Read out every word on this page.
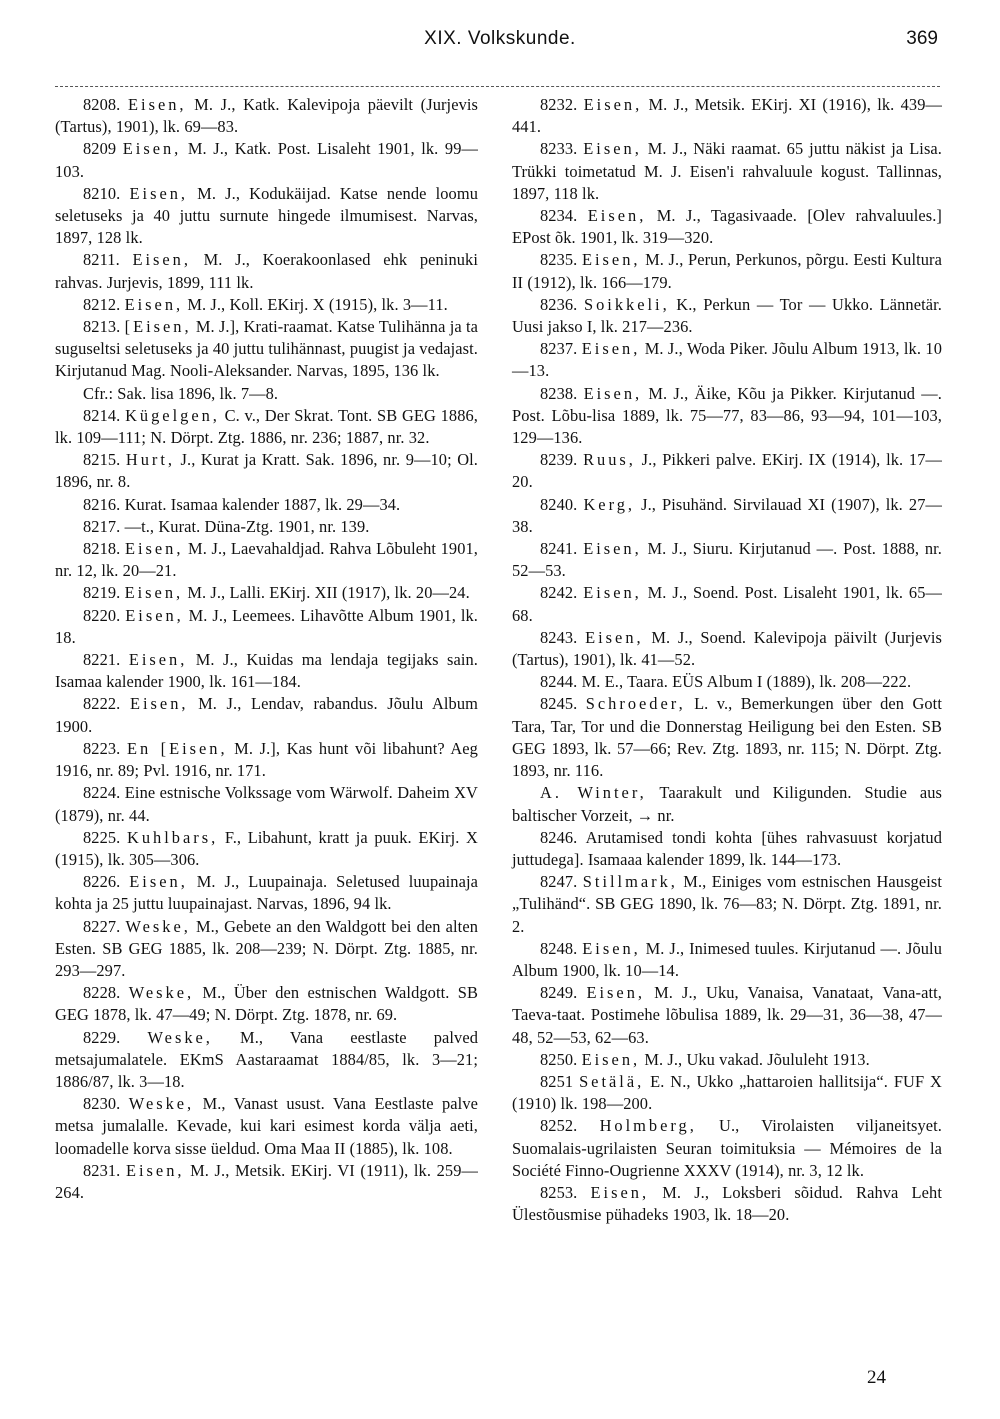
XIX. Volkskunde.	369

8208. Eisen, M. J., Katk. Kalevipoja päevilt (Jurjevis (Tartus), 1901), lk. 69—83.

8209 Eisen, M. J., Katk. Post. Lisaleht 1901, lk. 99—103.

8210. Eisen, M. J., Kodukäijad. Katse nende loomu seletuseks ja 40 juttu surnute hingede ilmumisest. Narvas, 1897, 128 lk.

8211. Eisen, M. J., Koerakoonlased ehk peninuki rahvas. Jurjevis, 1899, 111 lk.

8212. Eisen, M. J., Koll. EKirj. X (1915), lk. 3—11.

8213. [Eisen, M. J.], Krati-raamat. Katse Tulihänna ja ta suguseltsi seletuseks ja 40 juttu tulihännast, puugist ja vedajast. Kirjutanud Mag. Nooli-Aleksander. Narvas, 1895, 136 lk.

Cfr.: Sak. lisa 1896, lk. 7—8.

8214. Kügelgen, C. v., Der Skrat. Tont. SB GEG 1886, lk. 109—111; N. Dörpt. Ztg. 1886, nr. 236; 1887, nr. 32.

8215. Hurt, J., Kurat ja Kratt. Sak. 1896, nr. 9—10; Ol. 1896, nr. 8.

8216. Kurat. Isamaa kalender 1887, lk. 29—34.

8217. —t., Kurat. Düna-Ztg. 1901, nr. 139.

8218. Eisen, M. J., Laevahaldjad. Rahva Lõbuleht 1901, nr. 12, lk. 20—21.

8219. Eisen, M. J., Lalli. EKirj. XII (1917), lk. 20—24.

8220. Eisen, M. J., Leemees. Lihavõtte Album 1901, lk. 18.

8221. Eisen, M. J., Kuidas ma lendaja tegijaks sain. Isamaa kalender 1900, lk. 161—184.

8222. Eisen, M. J., Lendav, rabandus. Jõulu Album 1900.

8223. En [Eisen, M. J.], Kas hunt või libahunt? Aeg 1916, nr. 89; Pvl. 1916, nr. 171.

8224. Eine estnische Volkssage vom Wärwolf. Daheim XV (1879), nr. 44.

8225. Kuhlbars, F., Libahunt, kratt ja puuk. EKirj. X (1915), lk. 305—306.

8226. Eisen, M. J., Luupainaja. Seletused luupainaja kohta ja 25 juttu luupainajast. Narvas, 1896, 94 lk.

8227. Weske, M., Gebete an den Waldgott bei den alten Esten. SB GEG 1885, lk. 208—239; N. Dörpt. Ztg. 1885, nr. 293—297.

8228. Weske, M., Über den estnischen Waldgott. SB GEG 1878, lk. 47—49; N. Dörpt. Ztg. 1878, nr. 69.

8229. Weske, M., Vana eestlaste palved metsajumalatele. EKmS Aastaraamat 1884/85, lk. 3—21; 1886/87, lk. 3—18.

8230. Weske, M., Vanast usust. Vana Eestlaste palve metsa jumalalle. Kevade, kui kari esimest korda välja aeti, loomadelle korva sisse üeldud. Oma Maa II (1885), lk. 108.

8231. Eisen, M. J., Metsik. EKirj. VI (1911), lk. 259—264.

8232. Eisen, M. J., Metsik. EKirj. XI (1916), lk. 439—441.

8233. Eisen, M. J., Näki raamat. 65 juttu näkist ja Lisa. Trükki toimetatud M. J. Eisen'i rahvaluule kogust. Tallinnas, 1897, 118 lk.

8234. Eisen, M. J., Tagasivaade. [Olev rahvaluules.] EPost õk. 1901, lk. 319—320.

8235. Eisen, M. J., Perun, Perkunos, põrgu. Eesti Kultura II (1912), lk. 166—179.

8236. Soikkeli, K., Perkun — Tor — Ukko. Lännetär. Uusi jakso I, lk. 217—236.

8237. Eisen, M. J., Woda Piker. Jõulu Album 1913, lk. 10—13.

8238. Eisen, M. J., Äike, Kõu ja Pikker. Kirjutanud —. Post. Lõbu-lisa 1889, lk. 75—77, 83—86, 93—94, 101—103, 129—136.

8239. Ruus, J., Pikkeri palve. EKirj. IX (1914), lk. 17—20.

8240. Kerg, J., Pisuhänd. Sirvilauad XI (1907), lk. 27—38.

8241. Eisen, M. J., Siuru. Kirjutanud —. Post. 1888, nr. 52—53.

8242. Eisen, M. J., Soend. Post. Lisaleht 1901, lk. 65—68.

8243. Eisen, M. J., Soend. Kalevipoja päivilt (Jurjevis (Tartus), 1901), lk. 41—52.

8244. M. E., Taara. EÜS Album I (1889), lk. 208—222.

8245. Schroeder, L. v., Bemerkungen über den Gott Tara, Tar, Tor und die Donnerstag Heiligung bei den Esten. SB GEG 1893, lk. 57—66; Rev. Ztg. 1893, nr. 115; N. Dörpt. Ztg. 1893, nr. 116.

A. Winter, Taarakult und Kiligunden. Studie aus baltischer Vorzeit, → nr.

8246. Arutamised tondi kohta [ühes rahvasuust korjatud juttudega]. Isamaaa kalender 1899, lk. 144—173.

8247. Stillmark, M., Einiges vom estnischen Hausgeist „Tulihänd“. SB GEG 1890, lk. 76—83; N. Dörpt. Ztg. 1891, nr. 2.

8248. Eisen, M. J., Inimesed tuules. Kirjutanud —. Jõulu Album 1900, lk. 10—14.

8249. Eisen, M. J., Uku, Vanaisa, Vanataat, Vana-att, Taeva-taat. Postimehe lõbulisa 1889, lk. 29—31, 36—38, 47—48, 52—53, 62—63.

8250. Eisen, M. J., Uku vakad. Jõululeht 1913.

8251 Setälä, E. N., Ukko „hattaroien hallitsija“. FUF X (1910) lk. 198—200.

8252. Holmberg, U., Virolaisten viljaneitsyet. Suomalais-ugrilaisten Seuran toimituksia — Mémoires de la Société Finno-Ougrienne XXXV (1914), nr. 3, 12 lk.

8253. Eisen, M. J., Loksberi sõidud. Rahva Leht Ülestõusmise pühadeks 1903, lk. 18—20.

24
